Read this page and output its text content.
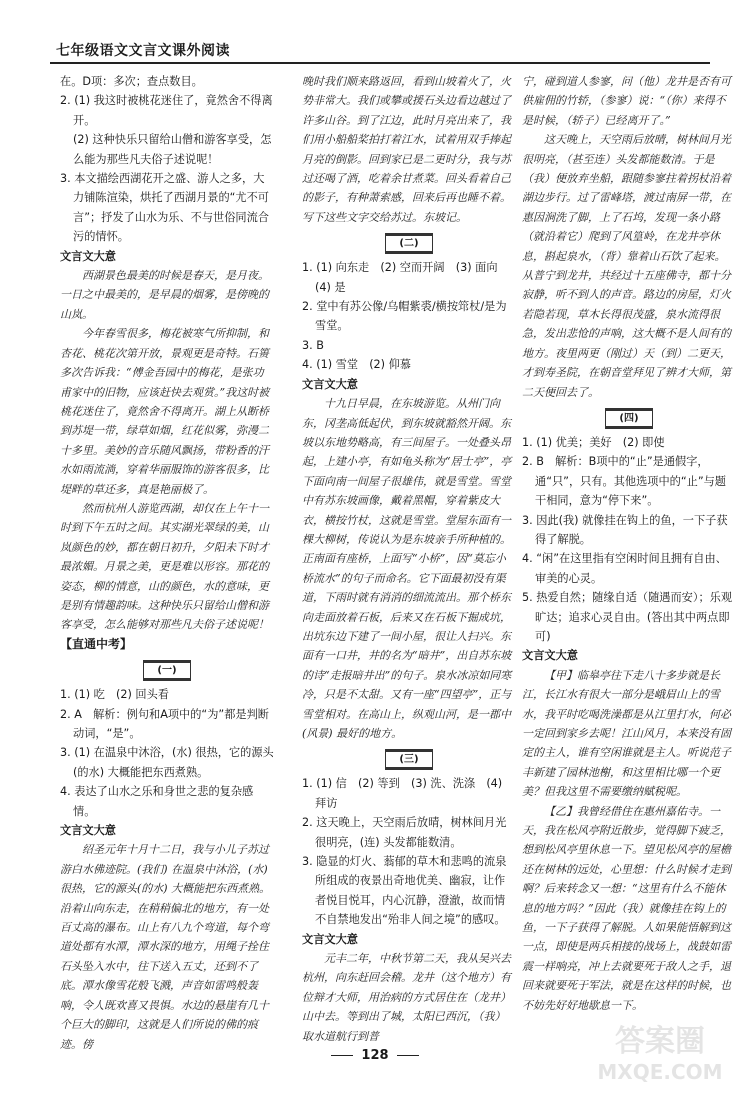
七年级语文文言文课外阅读

在。D项：多次；查点数目。

2. (1) 我这时被桃花迷住了，竟然舍不得离开。

(2) 这种快乐只留给山僧和游客享受，怎么能为那些凡夫俗子述说呢！

3. 本文描绘西湖花开之盛、游人之多，大力铺陈渲染，烘托了西湖月景的“尤不可言”；抒发了山水为乐、不与世俗同流合污的情怀。

文言文大意

西湖景色最美的时候是春天，是月夜。一日之中最美的，是早晨的烟雾，是傍晚的山岚。

今年春雪很多，梅花被寒气所抑制，和杏花、桃花次第开放，景观更是奇特。石篑多次告诉我：“傅金吾园中的梅花，是张功甫家中的旧物，应该赶快去观赏。”我这时被桃花迷住了，竟然舍不得离开。湖上从断桥到苏堤一带，绿草如烟，红花似雾，弥漫二十多里。美妙的音乐随风飘扬，带粉香的汗水如雨流淌，穿着华丽服饰的游客很多，比堤畔的草还多，真是艳丽极了。

然而杭州人游览西湖，却仅在上午十一时到下午五时之间。其实湖光翠绿的美，山岚颜色的妙，都在朝日初升，夕阳未下时才最浓媚。月景之美，更是难以形容。那花的姿态，柳的情意，山的颜色，水的意味，更是别有情趣韵味。这种快乐只留给山僧和游客享受，怎么能够对那些凡夫俗子述说呢！

【 直通中考 】

(一)

1. (1) 吃　(2) 回头看

2. A　解析：例句和A项中的“为”都是判断动词，“是”。

3. (1) 在温泉中沐浴，(水) 很热，它的源头(的水) 大概能把东西煮熟。

4. 表达了山水之乐和身世之悲的复杂感情。

文言文大意

绍圣元年十月十二日，我与小儿子苏过游白水佛迹院。(我们) 在温泉中沐浴，(水) 很热，它的源头(的水) 大概能把东西煮熟。沿着山向东走，在稍稍偏北的地方，有一处百丈高的瀑布。山上有八九个弯道，每个弯道处都有水潭，潭水深的地方，用绳子拴住石头坠入水中，往下送入五丈，还到不了底。潭水像雪花般飞溅，声音如雷鸣般轰响，令人既欢喜又畏惧。水边的悬崖有几十个巨大的脚印，这就是人们所说的佛的痕迹。傍

晚时我们顺来路返回，看到山坡着火了，火势非常大。我们或攀或援石头边看边越过了许多山谷。到了江边，此时月亮出来了，我们用小船船桨拍打着江水，试着用双手捧起月亮的倒影。回到家已是二更时分，我与苏过还喝了酒，吃着余甘煮菜。回头看着自己的影子，有种萧索感，回来后再也睡不着。写下这些文字交给苏过。东坡记。

(二)

1. (1) 向东走　(2) 空而开阔　(3) 面向　(4) 是

2. 堂中有苏公像/乌帽紫裘/横按筇杖/是为雪堂。

3. B

4. (1) 雪堂　(2) 仰慕

文言文大意

十九日早晨，在东坡游览。从州门向东，冈垄高低起伏，到东坡就豁然开阔。东坡以东地势略高，有三间屋子。一处叠头昂起，上建小亭，有如龟头称为“居士亭”，亭下面向南一间屋子很雄伟，就是雪堂。雪堂中有苏东坡画像，戴着黑帽，穿着紫皮大衣，横按竹杖，这就是雪堂。堂屋东面有一棵大柳树，传说认为是东坡亲手所种植的。正南面有座桥，上面写“小桥”，因“莫忘小桥流水”的句子而命名。它下面最初没有渠道，下雨时就有消消的细流流出。那个桥东向走面放着石板，后来又在石板下掘成坑，出坑东边下建了一间小屋，很让人扫兴。东面有一口井，井的名为“暗井”，出自苏东坡的诗“走报暗井出”的句子。泉水冰凉如同寒冷，只是不太甜。又有一座“四望亭”，正与雪堂相对。在高山上，纵观山河，是一郡中(风景) 最好的地方。

(三)

1. (1) 信　(2) 等到　(3) 洗、洗涤　(4) 拜访

2. 这天晚上，天空雨后放晴，树林间月光很明亮，(连) 头发都能数清。

3. 隐显的灯火、蓊郁的草木和悲鸣的流泉所组成的夜景出奇地优美、幽寂，让作者悦目悦耳，内心沉静，澄澈，故而情不自禁地发出“殆非人间之境”的感叹。

文言文大意

元丰二年，中秋节第二天，我从吴兴去杭州，向东赶回会稽。龙井（这个地方）有位辩才大师，用治病的方式居住在（龙井）山中去。等到出了城，太阳已西沉，（我）取水道航行到普

宁，碰到道人参寥，问（他）龙井是否有可供雇佣的竹轿，（参寥）说：“（你）来得不是时候，（轿子）已经离开了。”

这天晚上，天空雨后放晴，树林间月光很明亮，（甚至连）头发都能数清。于是（我）便放弃坐船，跟随参寥拄着拐杖沿着湖边步行。过了雷峰塔，渡过南屏一带，在惠因涧洗了脚，上了石坞，发现一条小路（就沿着它）爬到了风篁岭，在龙井亭休息，斟起泉水，（背）靠着山石饮了起来。从普宁到龙井，共经过十五座佛寺，都十分寂静，听不到人的声音。路边的房屋，灯火若隐若现，草木长得很茂盛，泉水流得很急，发出悲怆的声响，这大概不是人间有的地方。夜里两更（刚过）天（到）二更天，才到寿圣院，在朝音堂拜见了辨才大师，第二天便回去了。

(四)

1. (1) 优美；美好　(2) 即使

2. B　解析：B项中的“止”是通假字，通“只”，只有。其他选项中的“止”与题干相同，意为“停下来”。

3. 因此(我) 就像挂在钩上的鱼，一下子获得了解脱。

4. “闲”在这里指有空闲时间且拥有自由、审美的心灵。

5. 热爱自然；随缘自适（随遇而安）；乐观旷达；追求心灵自由。(答出其中两点即可)

文言文大意

【甲】临皋亭往下走八十多步就是长江，长江水有很大一部分是峨眉山上的雪水，我平时吃喝洗澡都是从江里打水，何必一定回到家乡去呢！江山风月，本来没有固定的主人，谁有空闲谁就是主人。听说范子丰新建了园林池榭，和这里相比哪一个更美？但我这里不需要缴纳赋税呢。

【乙】我曾经借住在惠州嘉佑寺。一天，我在松风亭附近散步，觉得脚下疲乏，想到松风亭里休息一下。望见松风亭的屋檐还在树林的远处，心里想：什么时候才走到啊？后来转念又一想：“这里有什么不能休息的地方吗？”因此（我）就像挂在钩上的鱼，一下子获得了解脱。人如果能悟解到这一点，即使是两兵相接的战场上，战鼓如雷震一样响亮，冲上去就要死于敌人之手，退回来就要死于军法，就是在这样的时候，也不妨先好好地歇息一下。

128	答案圈
MXQE.COM
